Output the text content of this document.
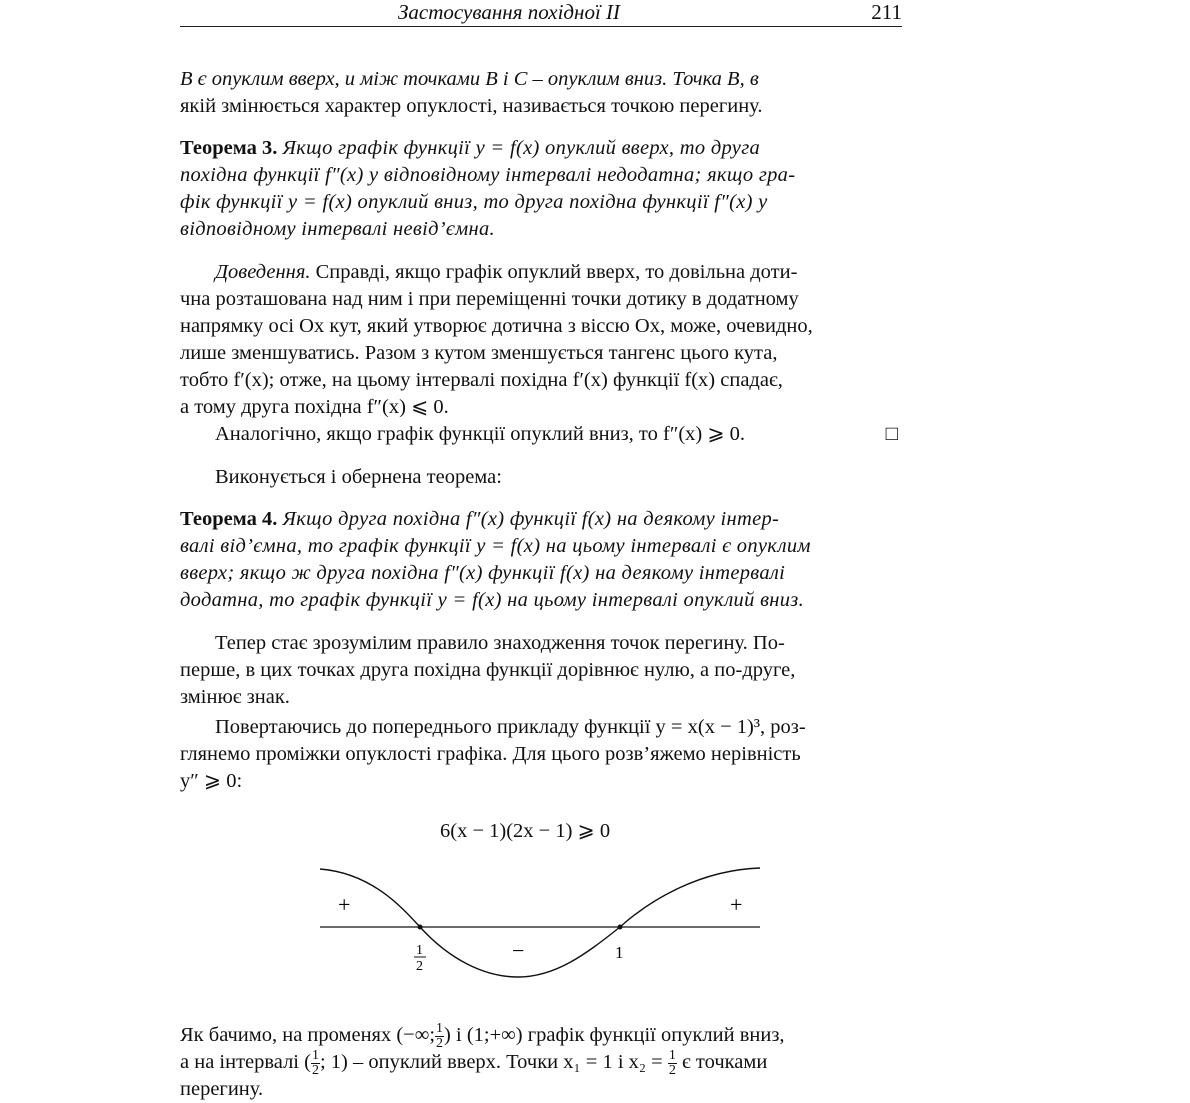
Застосування похідної II	211
B є опуклим вверх, и між точками B і C – опуклим вниз. Точка B, в
якій змінюється характер опуклості, називається точкою перегину.
Теорема 3. Якщо графік функції y = f(x) опуклий вверх, то друга
похідна функції f″(x) у відповідному інтервалі недодатна; якщо гра-
фік функції y = f(x) опуклий вниз, то друга похідна функції f″(x) у
відповідному інтервалі невід’ємна.
Доведення. Справді, якщо графік опуклий вверх, то довільна доти-
чна розташована над ним і при переміщенні точки дотику в додатному
напрямку осі Ox кут, який утворює дотична з віссю Ox, може, очевидно,
лише зменшуватись. Разом з кутом зменшується тангенс цього кута,
тобто f′(x); отже, на цьому інтервалі похідна f′(x) функції f(x) спадає,
а тому друга похідна f″(x) ⩽ 0.
Аналогічно, якщо графік функції опуклий вниз, то f″(x) ⩾ 0.	□
Виконується і обернена теорема:
Теорема 4. Якщо друга похідна f″(x) функції f(x) на деякому інтер-
валі від’ємна, то графік функції y = f(x) на цьому інтервалі є опуклим
вверх; якщо ж друга похідна f″(x) функції f(x) на деякому інтервалі
додатна, то графік функції y = f(x) на цьому інтервалі опуклий вниз.
Тепер стає зрозумілим правило знаходження точок перегину. По-
перше, в цих точках друга похідна функції дорівнює нулю, а по-друге,
змінює знак.
Повертаючись до попереднього прикладу функції y = x(x − 1)³, роз-
глянемо проміжки опуклості графіка. Для цього розв’яжемо нерівність
y″ ⩾ 0:
6(x − 1)(2x − 1) ⩾ 0
+
−
+
1
2
1
Як бачимо, на променях (−∞; $\frac{1}{2}$ ) і (1;+∞) графік функції опуклий вниз,
а на інтервалі ( $\frac{1}{2}$ ; 1) – опуклий вверх. Точки x₁ = 1 і $x_2 = \frac{1}{2}$ є точками
перегину.
